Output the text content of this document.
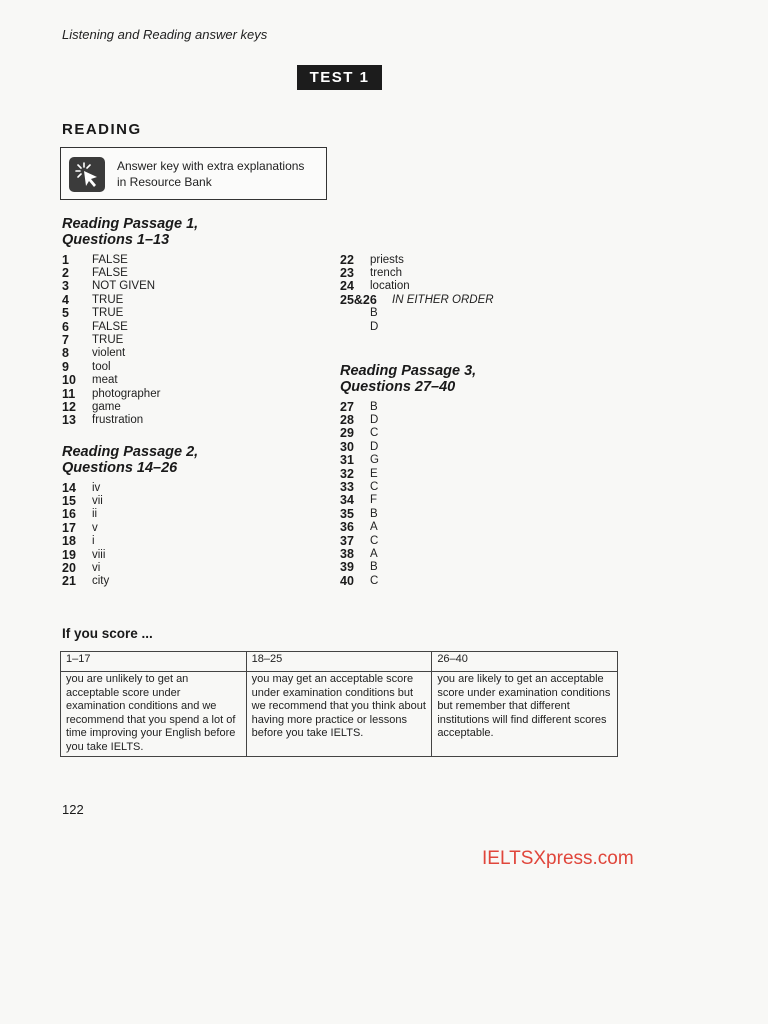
Listening and Reading answer keys
TEST 1
READING
Answer key with extra explanations
in Resource Bank
Reading Passage 1,
Questions 1–13
1	FALSE
2	FALSE
3	NOT GIVEN
4	TRUE
5	TRUE
6	FALSE
7	TRUE
8	violent
9	tool
10	meat
11	photographer
12	game
13	frustration
Reading Passage 2,
Questions 14–26
14	iv
15	vii
16	ii
17	v
18	i
19	viii
20	vi
21	city
22	priests
23	trench
24	location
25&26	IN EITHER ORDER
B
D
Reading Passage 3,
Questions 27–40
27	B
28	D
29	C
30	D
31	G
32	E
33	C
34	F
35	B
36	A
37	C
38	A
39	B
40	C
If you score ...
1–17	18–25	26–40
you are unlikely to get an acceptable score under examination conditions and we recommend that you spend a lot of time improving your English before you take IELTS.	you may get an acceptable score under examination conditions but we recommend that you think about having more practice or lessons before you take IELTS.	you are likely to get an acceptable score under examination conditions but remember that different institutions will find different scores acceptable.
122
IELTSXpress.com
